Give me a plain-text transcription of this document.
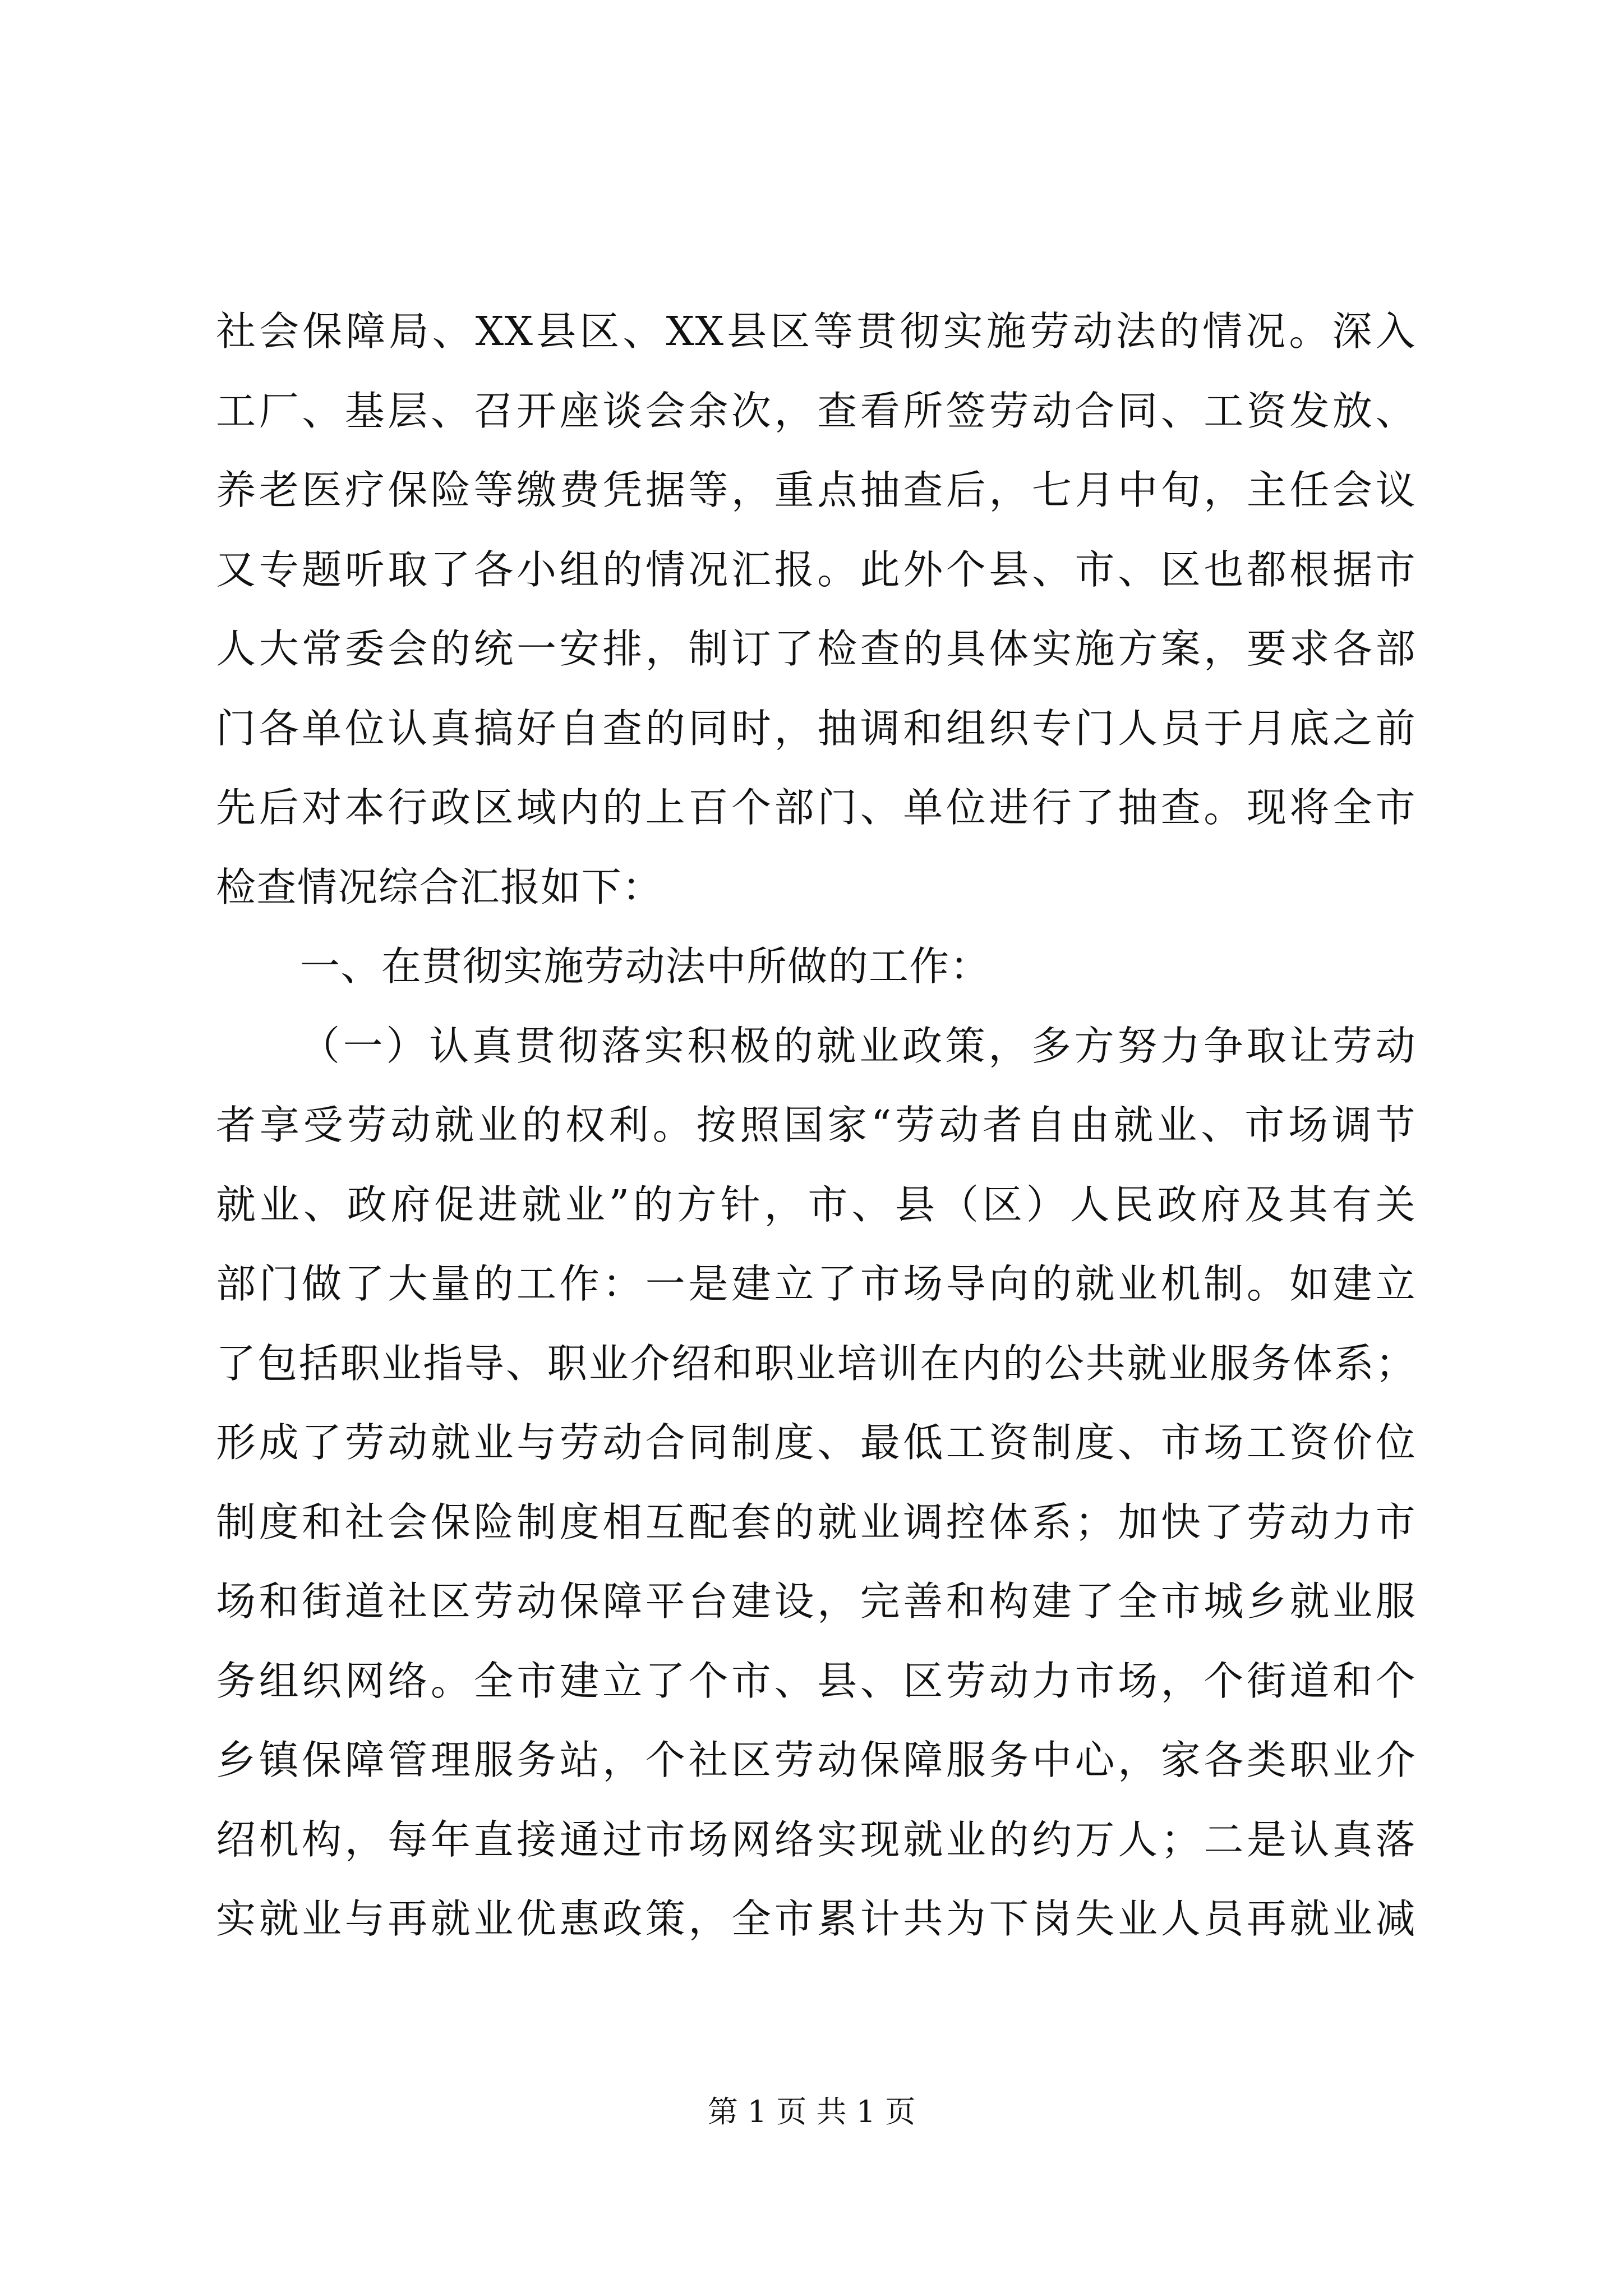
社会保障局、XX县区、XX县区等贯彻实施劳动法的情况。深入
工厂、基层、召开座谈会余次，查看所签劳动合同、工资发放、
养老医疗保险等缴费凭据等，重点抽查后，七月中旬，主任会议
又专题听取了各小组的情况汇报。此外个县、市、区也都根据市
人大常委会的统一安排，制订了检查的具体实施方案，要求各部
门各单位认真搞好自查的同时，抽调和组织专门人员于月底之前
先后对本行政区域内的上百个部门、单位进行了抽查。现将全市
检查情况综合汇报如下：
一、在贯彻实施劳动法中所做的工作：
（一）认真贯彻落实积极的就业政策，多方努力争取让劳动
者享受劳动就业的权利。按照国家“劳动者自由就业、市场调节
就业、政府促进就业”的方针，市、县（区）人民政府及其有关
部门做了大量的工作：一是建立了市场导向的就业机制。如建立
了包括职业指导、职业介绍和职业培训在内的公共就业服务体系；
形成了劳动就业与劳动合同制度、最低工资制度、市场工资价位
制度和社会保险制度相互配套的就业调控体系；加快了劳动力市
场和街道社区劳动保障平台建设，完善和构建了全市城乡就业服
务组织网络。全市建立了个市、县、区劳动力市场，个街道和个
乡镇保障管理服务站，个社区劳动保障服务中心，家各类职业介
绍机构，每年直接通过市场网络实现就业的约万人；二是认真落
实就业与再就业优惠政策，全市累计共为下岗失业人员再就业减
第 1 页 共 1 页
